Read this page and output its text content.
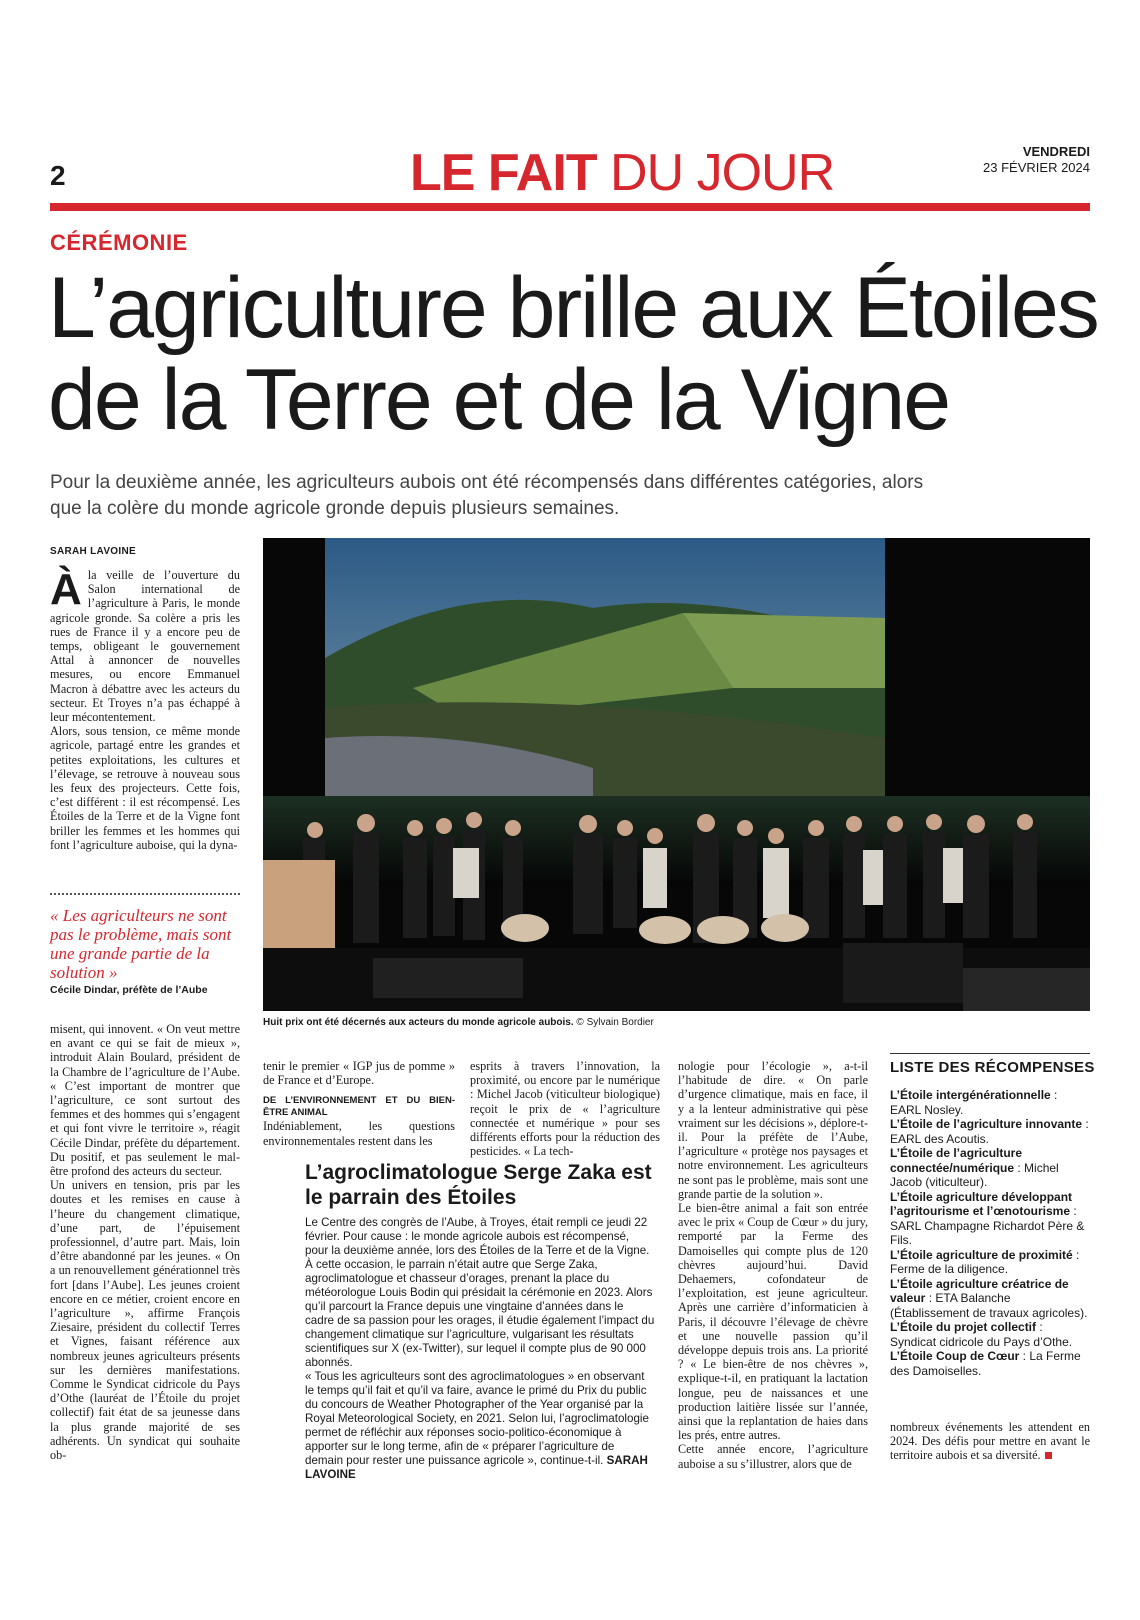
2	LE FAIT DU JOUR	VENDREDI
23 FÉVRIER 2024
CÉRÉMONIE
L’agriculture brille aux Étoiles
de la Terre et de la Vigne
Pour la deuxième année, les agriculteurs aubois ont été récompensés dans différentes catégories, alors que la colère du monde agricole gronde depuis plusieurs semaines.
SARAH LAVOINE
À la veille de l’ouverture du Salon international de l’agriculture à Paris, le monde agricole gronde. Sa colère a pris les rues de France il y a encore peu de temps, obligeant le gouvernement Attal à annoncer de nouvelles mesures, ou encore Emmanuel Macron à débattre avec les acteurs du secteur. Et Troyes n’a pas échappé à leur mécontentement.

Alors, sous tension, ce même monde agricole, partagé entre les grandes et petites exploitations, les cultures et l’élevage, se retrouve à nouveau sous les feux des projecteurs. Cette fois, c’est différent : il est récompensé. Les Étoiles de la Terre et de la Vigne font briller les femmes et les hommes qui font l’agriculture auboise, qui la dyna-

« Les agriculteurs ne sont pas le problème, mais sont une grande partie de la solution »
Cécile Dindar, préfète de l’Aube
Huit prix ont été décernés aux acteurs du monde agricole aubois. © Sylvain Bordier

misent, qui innovent. « On veut mettre en avant ce qui se fait de mieux », introduit Alain Boulard, président de la Chambre de l’agriculture de l’Aube. « C’est important de montrer que l’agriculture, ce sont surtout des femmes et des hommes qui s’engagent et qui font vivre le territoire », réagit Cécile Dindar, préfète du département. Du positif, et pas seulement le mal-être profond des acteurs du secteur.

Un univers en tension, pris par les doutes et les remises en cause à l’heure du changement climatique, d’une part, de l’épuisement professionnel, d’autre part. Mais, loin d’être abandonné par les jeunes. « On a un renouvellement générationnel très fort [dans l’Aube]. Les jeunes croient encore en ce métier, croient encore en l’agriculture », affirme François Ziesaire, président du collectif Terres et Vignes, faisant référence aux nombreux jeunes agriculteurs présents sur les dernières manifestations. Comme le Syndicat cidricole du Pays d’Othe (lauréat de l’Étoile du projet collectif) fait état de sa jeunesse dans la plus grande majorité de ses adhérents. Un syndicat qui souhaite ob-

tenir le premier « IGP jus de pomme » de France et d’Europe.

DE L’ENVIRONNEMENT ET DU BIEN-ÊTRE ANIMAL

Indéniablement, les questions environnementales restent dans les

esprits à travers l’innovation, la proximité, ou encore par le numérique : Michel Jacob (viticulteur biologique) reçoit le prix de « l’agriculture connectée et numérique » pour ses différents efforts pour la réduction des pesticides. « La tech-

L’agroclimatologue Serge Zaka est le parrain des Étoiles

Le Centre des congrès de l’Aube, à Troyes, était rempli ce jeudi 22 février. Pour cause : le monde agricole aubois est récompensé, pour la deuxième année, lors des Étoiles de la Terre et de la Vigne. À cette occasion, le parrain n’était autre que Serge Zaka, agroclimatologue et chasseur d’orages, prenant la place du météorologue Louis Bodin qui présidait la cérémonie en 2023. Alors qu’il parcourt la France depuis une vingtaine d’années dans le cadre de sa passion pour les orages, il étudie également l’impact du changement climatique sur l’agriculture, vulgarisant les résultats scientifiques sur X (ex-Twitter), sur lequel il compte plus de 90 000 abonnés.

« Tous les agriculteurs sont des agroclimatologues » en observant le temps qu’il fait et qu’il va faire, avance le primé du Prix du public du concours de Weather Photographer of the Year organisé par la Royal Meteorological Society, en 2021. Selon lui, l’agroclimatologie permet de réfléchir aux réponses socio-politico-économique à apporter sur le long terme, afin de « préparer l’agriculture de demain pour rester une puissance agricole », continue-t-il. SARAH LAVOINE

nologie pour l’écologie », a-t-il l’habitude de dire. « On parle d’urgence climatique, mais en face, il y a la lenteur administrative qui pèse vraiment sur les décisions », déplore-t-il. Pour la préfète de l’Aube, l’agriculture « protège nos paysages et notre environnement. Les agriculteurs ne sont pas le problème, mais sont une grande partie de la solution ».

Le bien-être animal a fait son entrée avec le prix « Coup de Cœur » du jury, remporté par la Ferme des Damoiselles qui compte plus de 120 chèvres aujourd’hui. David Dehaemers, cofondateur de l’exploitation, est jeune agriculteur. Après une carrière d’informaticien à Paris, il découvre l’élevage de chèvre et une nouvelle passion qu’il développe depuis trois ans. La priorité ? « Le bien-être de nos chèvres », explique-t-il, en pratiquant la lactation longue, peu de naissances et une production laitière lissée sur l’année, ainsi que la replantation de haies dans les prés, entre autres.

Cette année encore, l’agriculture auboise a su s’illustrer, alors que de

LISTE DES RÉCOMPENSES
L’Étoile intergénérationnelle : EARL Nosley.
L’Étoile de l’agriculture innovante : EARL des Acoutis.
L’Étoile de l’agriculture connectée/numérique : Michel Jacob (viticulteur).
L’Étoile agriculture développant l’agritourisme et l’œnotourisme : SARL Champagne Richardot Père & Fils.
L’Étoile agriculture de proximité : Ferme de la diligence.
L’Étoile agriculture créatrice de valeur : ETA Balanche (Établissement de travaux agricoles).
L’Étoile du projet collectif : Syndicat cidricole du Pays d’Othe.
L’Étoile Coup de Cœur : La Ferme des Damoiselles.

nombreux événements les attendent en 2024. Des défis pour mettre en avant le territoire aubois et sa diversité.
